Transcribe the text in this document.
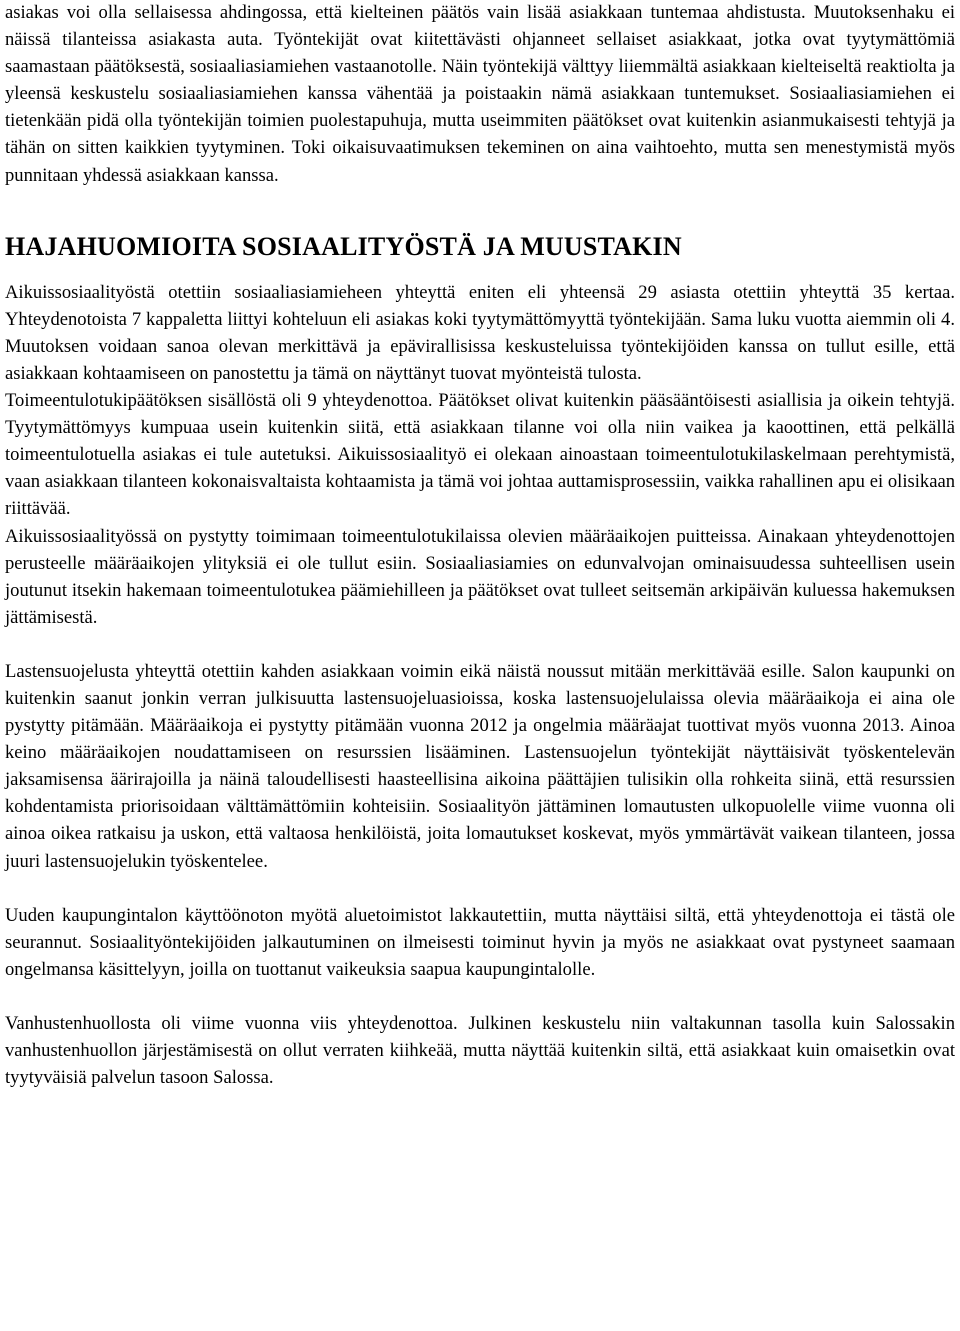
asiakas voi olla sellaisessa ahdingossa, että kielteinen päätös vain lisää asiakkaan tuntemaa ahdistusta. Muutoksenhaku ei näissä tilanteissa asiakasta auta. Työntekijät ovat kiitettävästi ohjanneet sellaiset asiakkaat, jotka ovat tyytymättömiä saamastaan päätöksestä, sosiaaliasiamiehen vastaanotolle. Näin työntekijä välttyy liiemmältä asiakkaan kielteiseltä reaktiolta ja yleensä keskustelu sosiaaliasiamiehen kanssa vähentää ja poistaakin nämä asiakkaan tuntemukset. Sosiaaliasiamiehen ei tietenkään pidä olla työntekijän toimien puolestapuhuja, mutta useimmiten päätökset ovat kuitenkin asianmukaisesti tehtyjä ja tähän on sitten kaikkien tyytyminen. Toki oikaisuvaatimuksen tekeminen on aina vaihtoehto, mutta sen menestymistä myös punnitaan yhdessä asiakkaan kanssa.

HAJAHUOMIOITA SOSIAALITYÖSTÄ JA MUUSTAKIN

Aikuissosiaalityöstä otettiin sosiaaliasiamieheen yhteyttä eniten eli yhteensä 29 asiasta otettiin yhteyttä 35 kertaa. Yhteydenotoista 7 kappaletta liittyi kohteluun eli asiakas koki tyytymättömyyttä työntekijään. Sama luku vuotta aiemmin oli 4. Muutoksen voidaan sanoa olevan merkittävä ja epävirallisissa keskusteluissa työntekijöiden kanssa on tullut esille, että asiakkaan kohtaamiseen on panostettu ja tämä on näyttänyt tuovat myönteistä tulosta.

Toimeentulotukipäätöksen sisällöstä oli 9 yhteydenottoa. Päätökset olivat kuitenkin pääsääntöisesti asiallisia ja oikein tehtyjä. Tyytymättömyys kumpuaa usein kuitenkin siitä, että asiakkaan tilanne voi olla niin vaikea ja kaoottinen, että pelkällä toimeentulotuella asiakas ei tule autetuksi. Aikuissosiaalityö ei olekaan ainoastaan toimeentulotukilaskelmaan perehtymistä, vaan asiakkaan tilanteen kokonaisvaltaista kohtaamista ja tämä voi johtaa auttamisprosessiin, vaikka rahallinen apu ei olisikaan riittävää.

Aikuissosiaalityössä on pystytty toimimaan toimeentulotukilaissa olevien määräaikojen puitteissa. Ainakaan yhteydenottojen perusteelle määräaikojen ylityksiä ei ole tullut esiin. Sosiaaliasiamies on edunvalvojan ominaisuudessa suhteellisen usein joutunut itsekin hakemaan toimeentulotukea päämiehilleen ja päätökset ovat tulleet seitsemän arkipäivän kuluessa hakemuksen jättämisestä.

Lastensuojelusta yhteyttä otettiin kahden asiakkaan voimin eikä näistä noussut mitään merkittävää esille. Salon kaupunki on kuitenkin saanut jonkin verran julkisuutta lastensuojeluasioissa, koska lastensuojelulaissa olevia määräaikoja ei aina ole pystytty pitämään. Määräaikoja ei pystytty pitämään vuonna 2012 ja ongelmia määräajat tuottivat myös vuonna 2013. Ainoa keino määräaikojen noudattamiseen on resurssien lisääminen. Lastensuojelun työntekijät näyttäisivät työskentelevän jaksamisensa äärirajoilla ja näinä taloudellisesti haasteellisina aikoina päättäjien tulisikin olla rohkeita siinä, että resurssien kohdentamista priorisoidaan välttämättömiin kohteisiin. Sosiaalityön jättäminen lomautusten ulkopuolelle viime vuonna oli ainoa oikea ratkaisu ja uskon, että valtaosa henkilöistä, joita lomautukset koskevat, myös ymmärtävät vaikean tilanteen, jossa juuri lastensuojelukin työskentelee.

Uuden kaupungintalon käyttöönoton myötä aluetoimistot lakkautettiin, mutta näyttäisi siltä, että yhteydenottoja ei tästä ole seurannut. Sosiaalityöntekijöiden jalkautuminen on ilmeisesti toiminut hyvin ja myös ne asiakkaat ovat pystyneet saamaan ongelmansa käsittelyyn, joilla on tuottanut vaikeuksia saapua kaupungintalolle.

Vanhustenhuollosta oli viime vuonna viis yhteydenottoa. Julkinen keskustelu niin valtakunnan tasolla kuin Salossakin vanhustenhuollon järjestämisestä on ollut verraten kiihkeää, mutta näyttää kuitenkin siltä, että asiakkaat kuin omaisetkin ovat tyytyväisiä palvelun tasoon Salossa.
